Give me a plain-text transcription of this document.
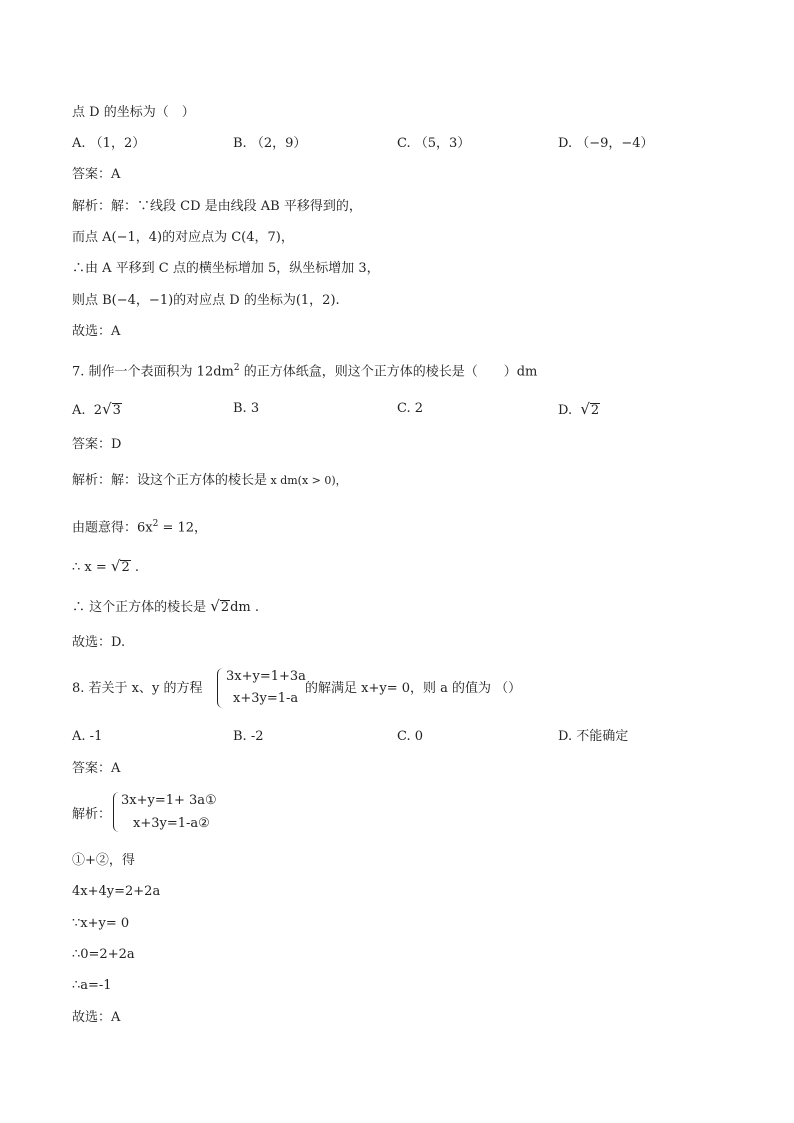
点 D 的坐标为（　）
A. （1，2）	B. （2，9）	C. （5，3）	D. （−9，−4）
答案：A
解析：解：∵线段 CD 是由线段 AB 平移得到的，
而点 A(−1，4)的对应点为 C(4，7)，
∴由 A 平移到 C 点的横坐标增加 5，纵坐标增加 3，
则点 B(−4，−1)的对应点 D 的坐标为(1，2).
故选：A
7. 制作一个表面积为 $12dm^2$ 的正方体纸盒，则这个正方体的棱长是（　　）dm
A. 2√3	B. 3	C. 2	D. √2
答案：D
解析：解：设这个正方体的棱长是 x dm(x > 0)，
由题意得：$6x^2 = 12$，
∴ x = √2 .
∴ 这个正方体的棱长是 √2dm .
故选：D.
8. 若关于 x、y 的方程
3x+y=1+3a
x+3y=1-a
的解满足 x+y= 0，则 a 的值为 （）
A. -1	B. -2	C. 0	D. 不能确定
答案：A
解析：
3x+y=1+ 3a①
x+3y=1-a②
①+②，得
4x+4y=2+2a
∵x+y= 0
∴0=2+2a
∴a=-1
故选：A
